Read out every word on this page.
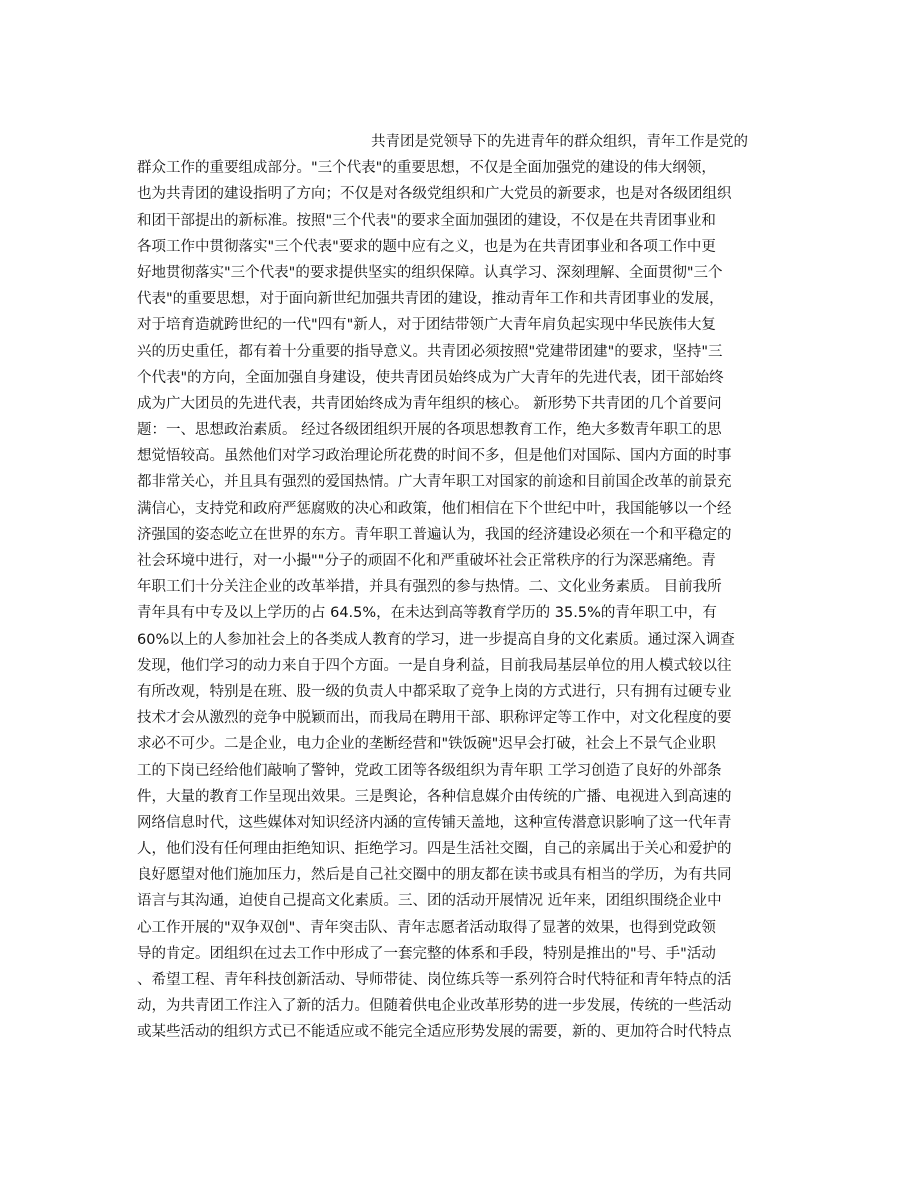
共青团是党领导下的先进青年的群众组织，青年工作是党的
群众工作的重要组成部分。"三个代表"的重要思想，不仅是全面加强党的建设的伟大纲领，
也为共青团的建设指明了方向；不仅是对各级党组织和广大党员的新要求，也是对各级团组织
和团干部提出的新标准。按照"三个代表"的要求全面加强团的建设，不仅是在共青团事业和
各项工作中贯彻落实"三个代表"要求的题中应有之义，也是为在共青团事业和各项工作中更
好地贯彻落实"三个代表"的要求提供坚实的组织保障。认真学习、深刻理解、全面贯彻"三个
代表"的重要思想，对于面向新世纪加强共青团的建设，推动青年工作和共青团事业的发展，
对于培育造就跨世纪的一代"四有"新人，对于团结带领广大青年肩负起实现中华民族伟大复
兴的历史重任，都有着十分重要的指导意义。共青团必须按照"党建带团建"的要求，坚持"三
个代表"的方向，全面加强自身建设，使共青团员始终成为广大青年的先进代表，团干部始终
成为广大团员的先进代表，共青团始终成为青年组织的核心。 新形势下共青团的几个首要问
题：一、思想政治素质。 经过各级团组织开展的各项思想教育工作，绝大多数青年职工的思
想觉悟较高。虽然他们对学习政治理论所花费的时间不多，但是他们对国际、国内方面的时事
都非常关心，并且具有强烈的爱国热情。广大青年职工对国家的前途和目前国企改革的前景充
满信心，支持党和政府严惩腐败的决心和政策，他们相信在下个世纪中叶，我国能够以一个经
济强国的姿态屹立在世界的东方。青年职工普遍认为，我国的经济建设必须在一个和平稳定的
社会环境中进行，对一小撮""分子的顽固不化和严重破坏社会正常秩序的行为深恶痛绝。青
年职工们十分关注企业的改革举措，并具有强烈的参与热情。二、文化业务素质。 目前我所
青年具有中专及以上学历的占 64.5%，在未达到高等教育学历的 35.5%的青年职工中，有
60%以上的人参加社会上的各类成人教育的学习，进一步提高自身的文化素质。通过深入调查
发现，他们学习的动力来自于四个方面。一是自身利益，目前我局基层单位的用人模式较以往
有所改观，特别是在班、股一级的负责人中都采取了竞争上岗的方式进行，只有拥有过硬专业
技术才会从激烈的竞争中脱颖而出，而我局在聘用干部、职称评定等工作中，对文化程度的要
求必不可少。二是企业，电力企业的垄断经营和"铁饭碗"迟早会打破，社会上不景气企业职
工的下岗已经给他们敲响了警钟，党政工团等各级组织为青年职 工学习创造了良好的外部条
件，大量的教育工作呈现出效果。三是舆论，各种信息媒介由传统的广播、电视进入到高速的
网络信息时代，这些媒体对知识经济内涵的宣传铺天盖地，这种宣传潜意识影响了这一代年青
人，他们没有任何理由拒绝知识、拒绝学习。四是生活社交圈，自己的亲属出于关心和爱护的
良好愿望对他们施加压力，然后是自己社交圈中的朋友都在读书或具有相当的学历，为有共同
语言与其沟通，迫使自己提高文化素质。三、团的活动开展情况 近年来，团组织围绕企业中
心工作开展的"双争双创"、青年突击队、青年志愿者活动取得了显著的效果，也得到党政领
导的肯定。团组织在过去工作中形成了一套完整的体系和手段，特别是推出的"号、手"活动
、希望工程、青年科技创新活动、导师带徒、岗位练兵等一系列符合时代特征和青年特点的活
动，为共青团工作注入了新的活力。但随着供电企业改革形势的进一步发展，传统的一些活动
或某些活动的组织方式已不能适应或不能完全适应形势发展的需要，新的、更加符合时代特点
